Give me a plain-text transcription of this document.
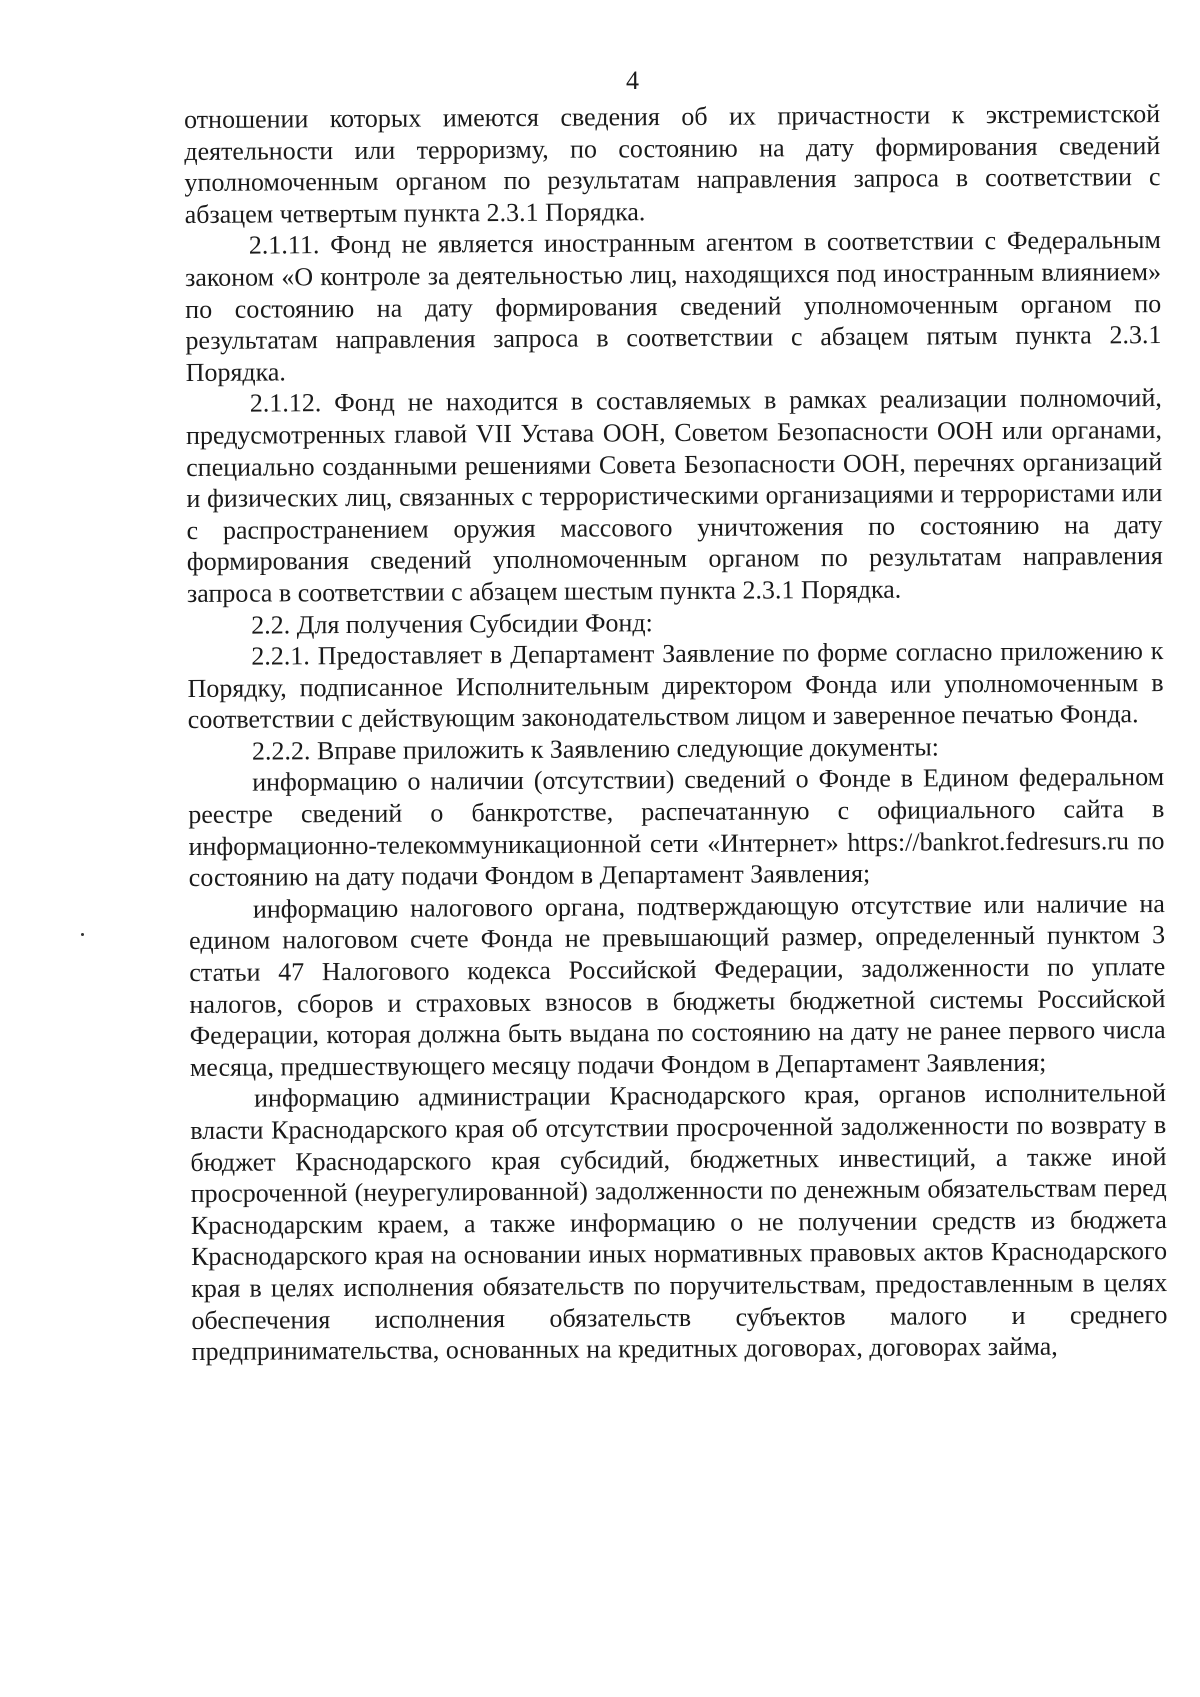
4

отношении которых имеются сведения об их причастности к экстремистской деятельности или терроризму, по состоянию на дату формирования сведений уполномоченным органом по результатам направления запроса в соответствии с абзацем четвертым пункта 2.3.1 Порядка.

2.1.11. Фонд не является иностранным агентом в соответствии с Федеральным законом «О контроле за деятельностью лиц, находящихся под иностранным влиянием» по состоянию на дату формирования сведений уполномоченным органом по результатам направления запроса в соответствии с абзацем пятым пункта 2.3.1 Порядка.

2.1.12. Фонд не находится в составляемых в рамках реализации полномочий, предусмотренных главой VII Устава ООН, Советом Безопасности ООН или органами, специально созданными решениями Совета Безопасности ООН, перечнях организаций и физических лиц, связанных с террористическими организациями и террористами или с распространением оружия массового уничтожения по состоянию на дату формирования сведений уполномоченным органом по результатам направления запроса в соответствии с абзацем шестым пункта 2.3.1 Порядка.

2.2. Для получения Субсидии Фонд:

2.2.1. Предоставляет в Департамент Заявление по форме согласно приложению к Порядку, подписанное Исполнительным директором Фонда или уполномоченным в соответствии с действующим законодательством лицом и заверенное печатью Фонда.

2.2.2. Вправе приложить к Заявлению следующие документы:

информацию о наличии (отсутствии) сведений о Фонде в Едином федеральном реестре сведений о банкротстве, распечатанную с официального сайта в информационно-телекоммуникационной сети «Интернет» https://bankrot.fedresurs.ru по состоянию на дату подачи Фондом в Департамент Заявления;

информацию налогового органа, подтверждающую отсутствие или наличие на едином налоговом счете Фонда не превышающий размер, определенный пунктом 3 статьи 47 Налогового кодекса Российской Федерации, задолженности по уплате налогов, сборов и страховых взносов в бюджеты бюджетной системы Российской Федерации, которая должна быть выдана по состоянию на дату не ранее первого числа месяца, предшествующего месяцу подачи Фондом в Департамент Заявления;

информацию администрации Краснодарского края, органов исполнительной власти Краснодарского края об отсутствии просроченной задолженности по возврату в бюджет Краснодарского края субсидий, бюджетных инвестиций, а также иной просроченной (неурегулированной) задолженности по денежным обязательствам перед Краснодарским краем, а также информацию о не получении средств из бюджета Краснодарского края на основании иных нормативных правовых актов Краснодарского края в целях исполнения обязательств по поручительствам, предоставленным в целях обеспечения исполнения обязательств субъектов малого и среднего предпринимательства, основанных на кредитных договорах, договорах займа,
